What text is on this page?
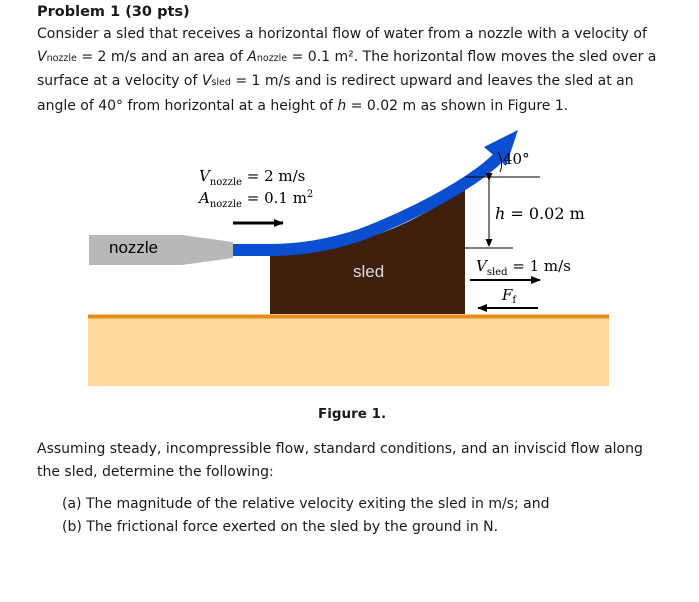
Problem 1 (30 pts)
Consider a sled that receives a horizontal flow of water from a nozzle with a velocity of Vnozzle = 2 m/s and an area of Anozzle = 0.1 m². The horizontal flow moves the sled over a surface at a velocity of Vsled = 1 m/s and is redirect upward and leaves the sled at an angle of 40° from horizontal at a height of h = 0.02 m as shown in Figure 1.
40°
h = 0.02 m
nozzle
$V_{nozzle} = 2$ m/s
$A_{nozzle} = 0.1$ $m^2$
sled	$V_{sled} = 1$ m/s
$F_f$
Figure 1.
Assuming steady, incompressible flow, standard conditions, and an inviscid flow along the sled, determine the following:
(a) The magnitude of the relative velocity exiting the sled in m/s; and
(b) The frictional force exerted on the sled by the ground in N.
